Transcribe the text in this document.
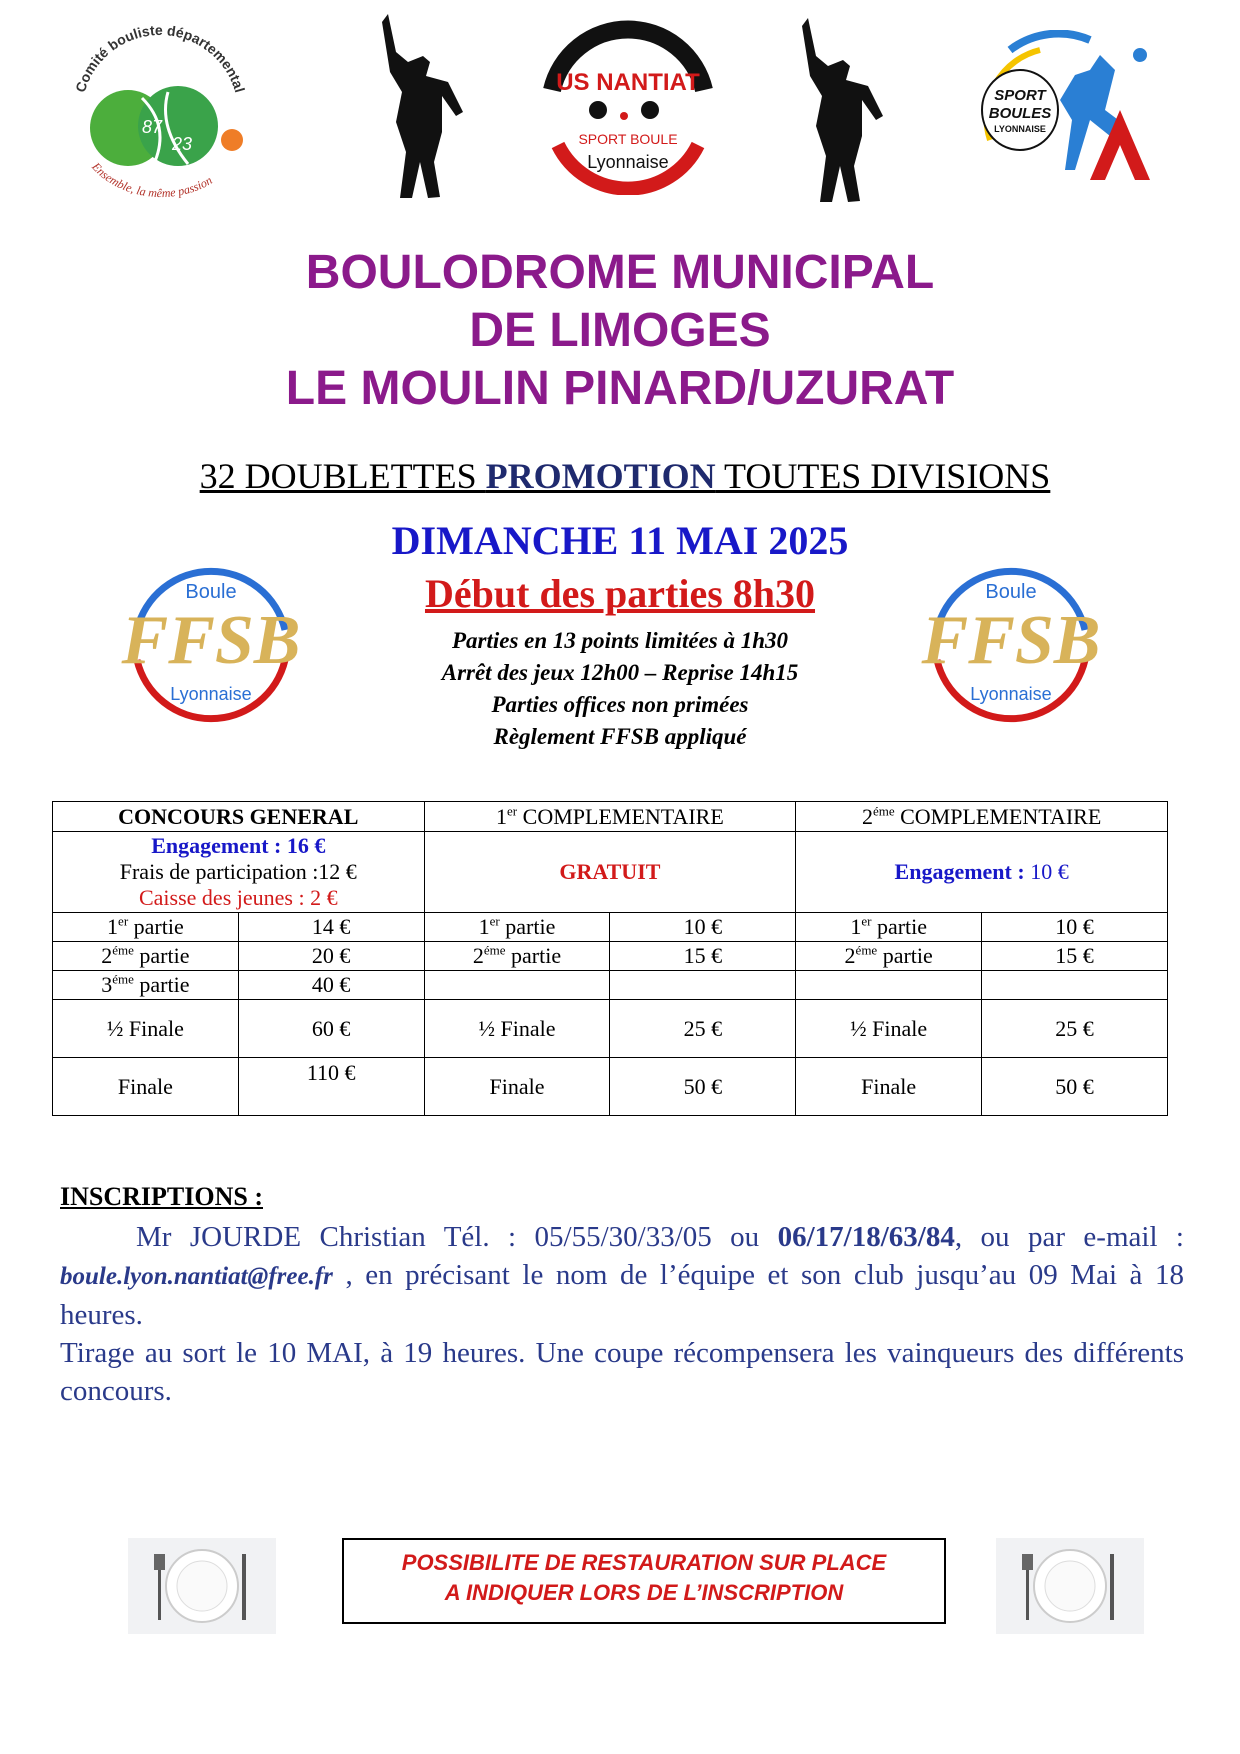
Comité bouliste départemental
87
23
Ensemble, la même passion
US NANTIAT
SPORT BOULE
Lyonnaise
SPORT
BOULES
LYONNAISE
BOULODROME MUNICIPAL
DE LIMOGES
LE MOULIN PINARD/UZURAT
32 DOUBLETTES PROMOTION TOUTES DIVISIONS
DIMANCHE 11 MAI 2025
Début des parties 8h30
Boule
FFSB
Lyonnaise
Parties en 13 points limitées à 1h30
Arrêt des jeux 12h00 – Reprise 14h15
Parties offices non primées
Règlement FFSB appliqué
Boule
FFSB
Lyonnaise
CONCOURS GENERAL		1er COMPLEMENTAIRE		$2^{éme}$ COMPLEMENTAIRE	

Engagement : 16 €
Frais de participation :12 €
Caisse des jeunes : 2 €		GRATUIT		Engagement : 10 €	
1er partie	14 €	1er partie	10 €	1er partie	10 €
$2^{éme}$ partie	20 €	$2^{éme}$ partie	15 €	$2^{éme}$ partie	15 €
$3^{éme}$ partie	40 €				
½ Finale	60 €	½ Finale	25 €	½ Finale	25 €
Finale	110 €	Finale	50 €	Finale	50 €
INSCRIPTIONS :
Mr JOURDE Christian Tél. : 05/55/30/33/05 ou 06/17/18/63/84, ou par e-mail : boule.lyon.nantiat@free.fr , en précisant le nom de l’équipe et son club jusqu’au 09 Mai à 18 heures.
Tirage au sort le 10 MAI, à 19 heures. Une coupe récompensera les vainqueurs des différents concours.
POSSIBILITE DE RESTAURATION SUR PLACE
A INDIQUER LORS DE L’INSCRIPTION
